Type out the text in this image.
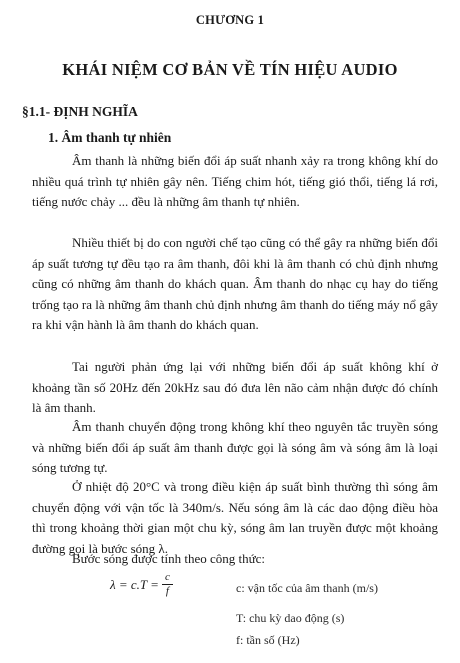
CHƯƠNG 1
KHÁI NIỆM CƠ BẢN VỀ TÍN HIỆU AUDIO
§1.1- ĐỊNH NGHĨA
1. Âm thanh tự nhiên

Âm thanh là những biến đổi áp suất nhanh xảy ra trong không khí do nhiều quá trình tự nhiên gây nên. Tiếng chim hót, tiếng gió thổi, tiếng lá rơi, tiếng nước chảy ... đều là những âm thanh tự nhiên.

Nhiều thiết bị do con người chế tạo cũng có thể gây ra những biến đổi áp suất tương tự đều tạo ra âm thanh, đôi khi là âm thanh có chủ định nhưng cũng có những âm thanh do khách quan. Âm thanh do nhạc cụ hay do tiếng trống tạo ra là những âm thanh chủ định nhưng âm thanh do tiếng máy nổ gây ra khi vận hành là âm thanh do khách quan.

Tai người phản ứng lại với những biến đổi áp suất không khí ở khoảng tần số 20Hz đến 20kHz sau đó đưa lên não cảm nhận được đó chính là âm thanh.

Âm thanh chuyển động trong không khí theo nguyên tắc truyền sóng và những biến đổi áp suất âm thanh được gọi là sóng âm và sóng âm là loại sóng tương tự.

Ở nhiệt độ 20°C và trong điều kiện áp suất bình thường thì sóng âm chuyển động với vận tốc là 340m/s. Nếu sóng âm là các dao động điều hòa thì trong khoảng thời gian một chu kỳ, sóng âm lan truyền được một khoảng đường gọi là bước sóng λ.

Bước sóng được tính theo công thức:

$\lambda = c.T = \frac{c}{f}$	c: vận tốc của âm thanh (m/s)
T: chu kỳ dao động (s)
f: tần số (Hz)
